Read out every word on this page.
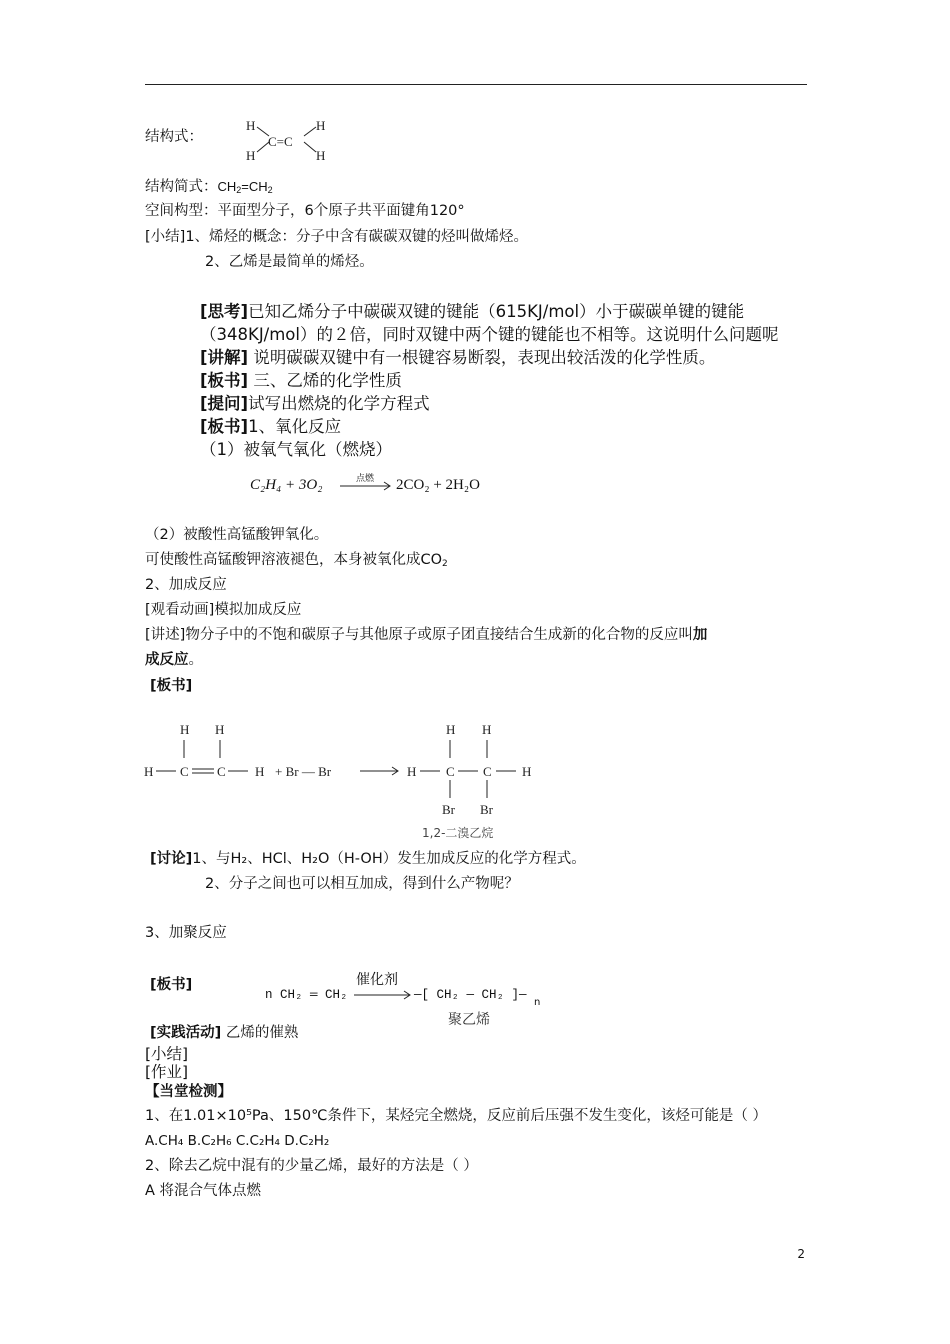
结构式：
H
H
H
H
C=C
结构简式：$CH_2=CH_2$
空间构型：平面型分子，6个原子共平面键角120°
[小结]1、烯烃的概念：分子中含有碳碳双键的烃叫做烯烃。
2、乙烯是最简单的烯烃。
[思考]已知乙烯分子中碳碳双键的键能（615KJ/mol）小于碳碳单键的键能
（348KJ/mol）的２倍，同时双键中两个键的键能也不相等。这说明什么问题呢
[讲解] 说明碳碳双键中有一根键容易断裂，表现出较活泼的化学性质。
[板书] 三、乙烯的化学性质
[提问]试写出燃烧的化学方程式
[板书]1、氧化反应
（1）被氧气氧化（燃烧）
C₂H₄ + 3O₂	点燃 2CO₂ + 2H₂O
（2）被酸性高锰酸钾氧化。
可使酸性高锰酸钾溶液褪色，本身被氧化成$CO_2$
2、加成反应
[观看动画]模拟加成反应
[讲述]物分子中的不饱和碳原子与其他原子或原子团直接结合生成新的化合物的反应叫加
成反应。
[板书]
H H
H C C H + Br — Br	H
H H
C C H
Br Br
1,2-二溴乙烷
[讨论]1、与H₂、HCl、H₂O（H-OH）发生加成反应的化学方程式。
2、分子之间也可以相互加成，得到什么产物呢？
3、加聚反应
[板书]
n CH₂ ═ CH₂
催化剂
—[ CH₂ — CH₂ ]—
n
聚乙烯
[实践活动] 乙烯的催熟
[小结]
[作业]
【当堂检测】
1、在1.01×10⁵Pa、150℃条件下，某烃完全燃烧，反应前后压强不发生变化，该烃可能是（ ）
A.CH₄ B.C₂H₆ C.C₂H₄ D.C₂H₂
2、除去乙烷中混有的少量乙烯，最好的方法是（ ）
A 将混合气体点燃
2
